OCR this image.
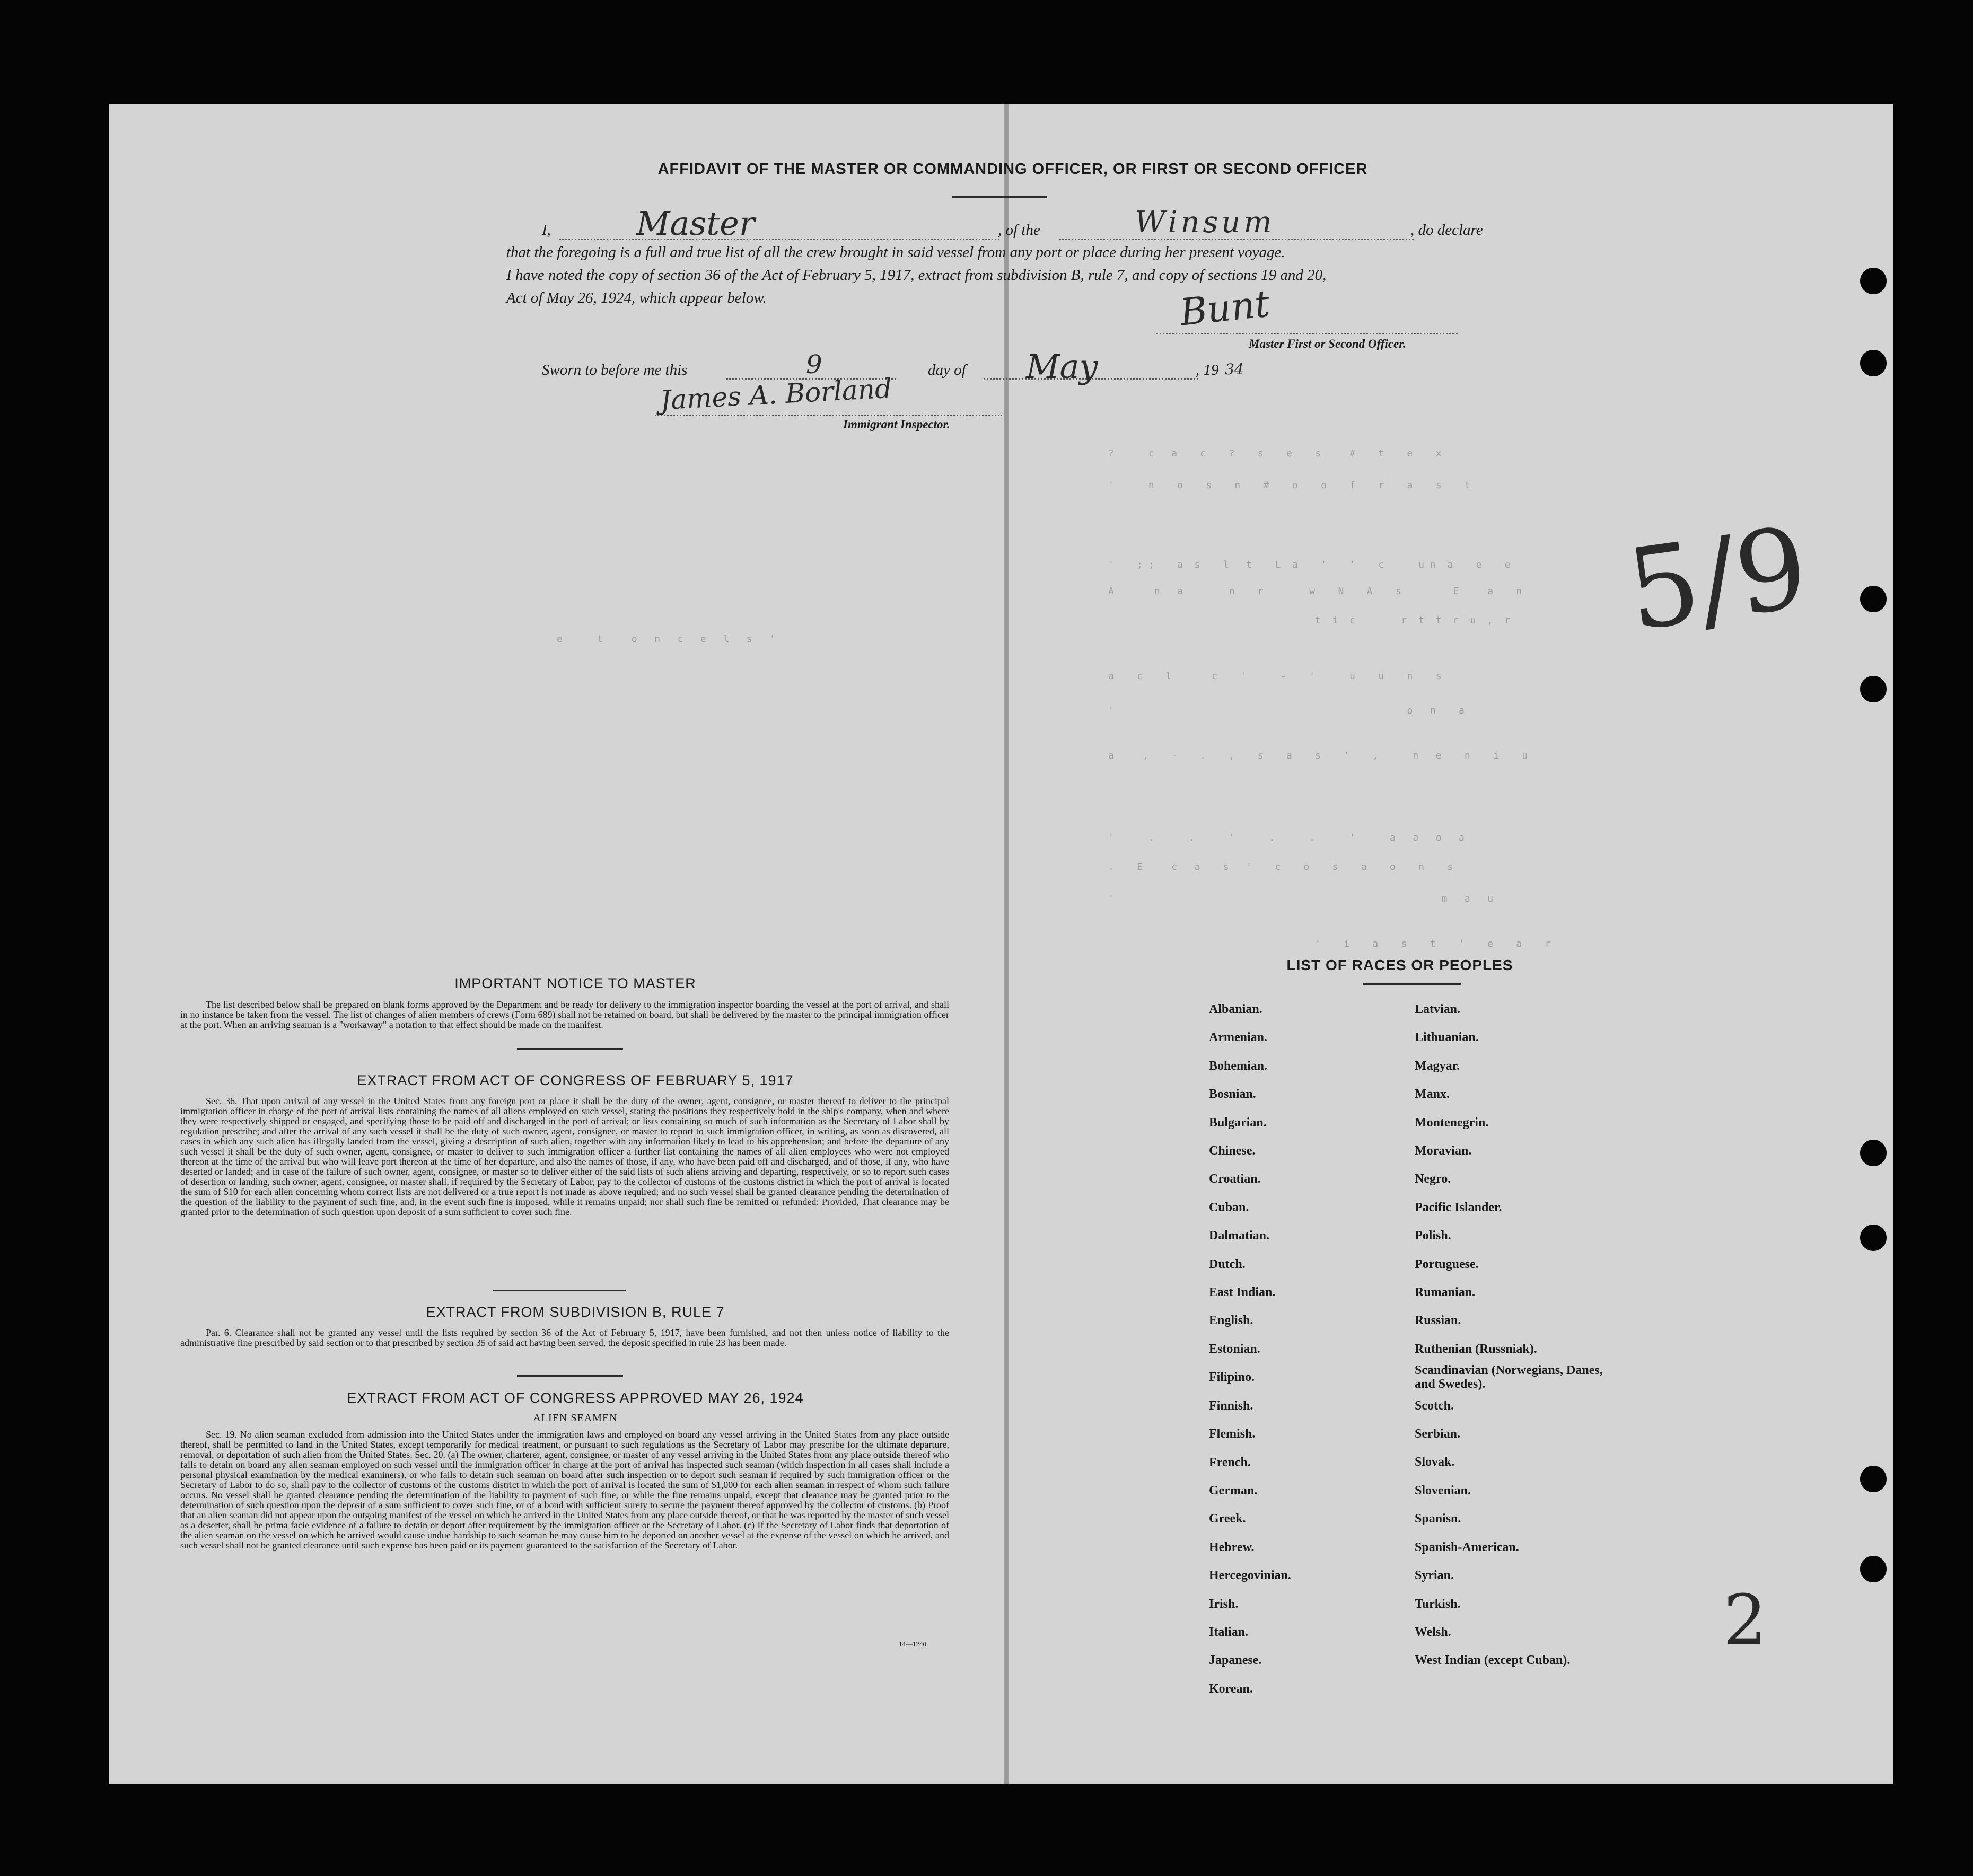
?      c   a    c    ?    s    e    s     #    t    e    x
'      n    o    s    n    #    o    o    f    r    a    s    t
'    ; ;    a  s    l   t    L  a    '    '    c      u n  a    e    e
A       n   a        n    r        w    N    A    s         E     a    n
t  i  c        r  t  t  r  u  ,  r
e      t     o   n   c   e   l   s   '
a    c    l       c    '      -    '      u    u    n    s
'                                                   o   n    a
a     ,    -    .    ,    s    a    s    '    ,      n   e    n    i    u
'      .      .      '      .      .      '      a   a   o   a
.    E     c   a    s   '    c    o    s    a    o    n    s
'                                                         m   a   u
'    i    a    s    t    '    e    a    r
AFFIDAVIT OF THE MASTER OR COMMANDING OFFICER, OR FIRST OR SECOND OFFICER
I,	Master	, of the	Winsum	, do declare
that the foregoing is a full and true list of all the crew brought in said vessel from any port or place during her present voyage.
I have noted the copy of section 36 of the Act of February 5, 1917, extract from subdivision B, rule 7, and copy of sections 19 and 20,
Act of May 26, 1924, which appear below.	Bunt
Master First or Second Officer.
Sworn to before me this	9	day of May	, 19 34
James A. Borland
Immigrant Inspector.
5/9
2
IMPORTANT NOTICE TO MASTER
The list described below shall be prepared on blank forms approved by the Department and be ready for delivery to the immigration inspector boarding the vessel at the port of arrival, and shall in no instance be taken from the vessel. The list of changes of alien members of crews (Form 689) shall not be retained on board, but shall be delivered by the master to the principal immigration officer at the port. When an arriving seaman is a "workaway" a notation to that effect should be made on the manifest.
EXTRACT FROM ACT OF CONGRESS OF FEBRUARY 5, 1917
Sec. 36. That upon arrival of any vessel in the United States from any foreign port or place it shall be the duty of the owner, agent, consignee, or master thereof to deliver to the principal immigration officer in charge of the port of arrival lists containing the names of all aliens employed on such vessel, stating the positions they respectively hold in the ship's company, when and where they were respectively shipped or engaged, and specifying those to be paid off and discharged in the port of arrival; or lists containing so much of such information as the Secretary of Labor shall by regulation prescribe; and after the arrival of any such vessel it shall be the duty of such owner, agent, consignee, or master to report to such immigration officer, in writing, as soon as discovered, all cases in which any such alien has illegally landed from the vessel, giving a description of such alien, together with any information likely to lead to his apprehension; and before the departure of any such vessel it shall be the duty of such owner, agent, consignee, or master to deliver to such immigration officer a further list containing the names of all alien employees who were not employed thereon at the time of the arrival but who will leave port thereon at the time of her departure, and also the names of those, if any, who have been paid off and discharged, and of those, if any, who have deserted or landed; and in case of the failure of such owner, agent, consignee, or master so to deliver either of the said lists of such aliens arriving and departing, respectively, or so to report such cases of desertion or landing, such owner, agent, consignee, or master shall, if required by the Secretary of Labor, pay to the collector of customs of the customs district in which the port of arrival is located the sum of $10 for each alien concerning whom correct lists are not delivered or a true report is not made as above required; and no such vessel shall be granted clearance pending the determination of the question of the liability to the payment of such fine, and, in the event such fine is imposed, while it remains unpaid; nor shall such fine be remitted or refunded: Provided, That clearance may be granted prior to the determination of such question upon deposit of a sum sufficient to cover such fine.
EXTRACT FROM SUBDIVISION B, RULE 7
Par. 6. Clearance shall not be granted any vessel until the lists required by section 36 of the Act of February 5, 1917, have been furnished, and not then unless notice of liability to the administrative fine prescribed by said section or to that prescribed by section 35 of said act having been served, the deposit specified in rule 23 has been made.
EXTRACT FROM ACT OF CONGRESS APPROVED MAY 26, 1924
ALIEN SEAMEN
Sec. 19. No alien seaman excluded from admission into the United States under the immigration laws and employed on board any vessel arriving in the United States from any place outside thereof, shall be permitted to land in the United States, except temporarily for medical treatment, or pursuant to such regulations as the Secretary of Labor may prescribe for the ultimate departure, removal, or deportation of such alien from the United States. Sec. 20. (a) The owner, charterer, agent, consignee, or master of any vessel arriving in the United States from any place outside thereof who fails to detain on board any alien seaman employed on such vessel until the immigration officer in charge at the port of arrival has inspected such seaman (which inspection in all cases shall include a personal physical examination by the medical examiners), or who fails to detain such seaman on board after such inspection or to deport such seaman if required by such immigration officer or the Secretary of Labor to do so, shall pay to the collector of customs of the customs district in which the port of arrival is located the sum of $1,000 for each alien seaman in respect of whom such failure occurs. No vessel shall be granted clearance pending the determination of the liability to payment of such fine, or while the fine remains unpaid, except that clearance may be granted prior to the determination of such question upon the deposit of a sum sufficient to cover such fine, or of a bond with sufficient surety to secure the payment thereof approved by the collector of customs. (b) Proof that an alien seaman did not appear upon the outgoing manifest of the vessel on which he arrived in the United States from any place outside thereof, or that he was reported by the master of such vessel as a deserter, shall be prima facie evidence of a failure to detain or deport after requirement by the immigration officer or the Secretary of Labor. (c) If the Secretary of Labor finds that deportation of the alien seaman on the vessel on which he arrived would cause undue hardship to such seaman he may cause him to be deported on another vessel at the expense of the vessel on which he arrived, and such vessel shall not be granted clearance until such expense has been paid or its payment guaranteed to the satisfaction of the Secretary of Labor.
14—1240
LIST OF RACES OR PEOPLES
Albanian.
Armenian.
Bohemian.
Bosnian.
Bulgarian.
Chinese.
Croatian.
Cuban.
Dalmatian.
Dutch.
East Indian.
English.
Estonian.
Filipino.
Finnish.
Flemish.
French.
German.
Greek.
Hebrew.
Hercegovinian.
Irish.
Italian.
Japanese.
Korean.
Latvian.
Lithuanian.
Magyar.
Manx.
Montenegrin.
Moravian.
Negro.
Pacific Islander.
Polish.
Portuguese.
Rumanian.
Russian.
Ruthenian (Russniak).
Scandinavian (Norwegians, Danes, and Swedes).
Scotch.
Serbian.
Slovak.
Slovenian.
Spanisn.
Spanish-American.
Syrian.
Turkish.
Welsh.
West Indian (except Cuban).
